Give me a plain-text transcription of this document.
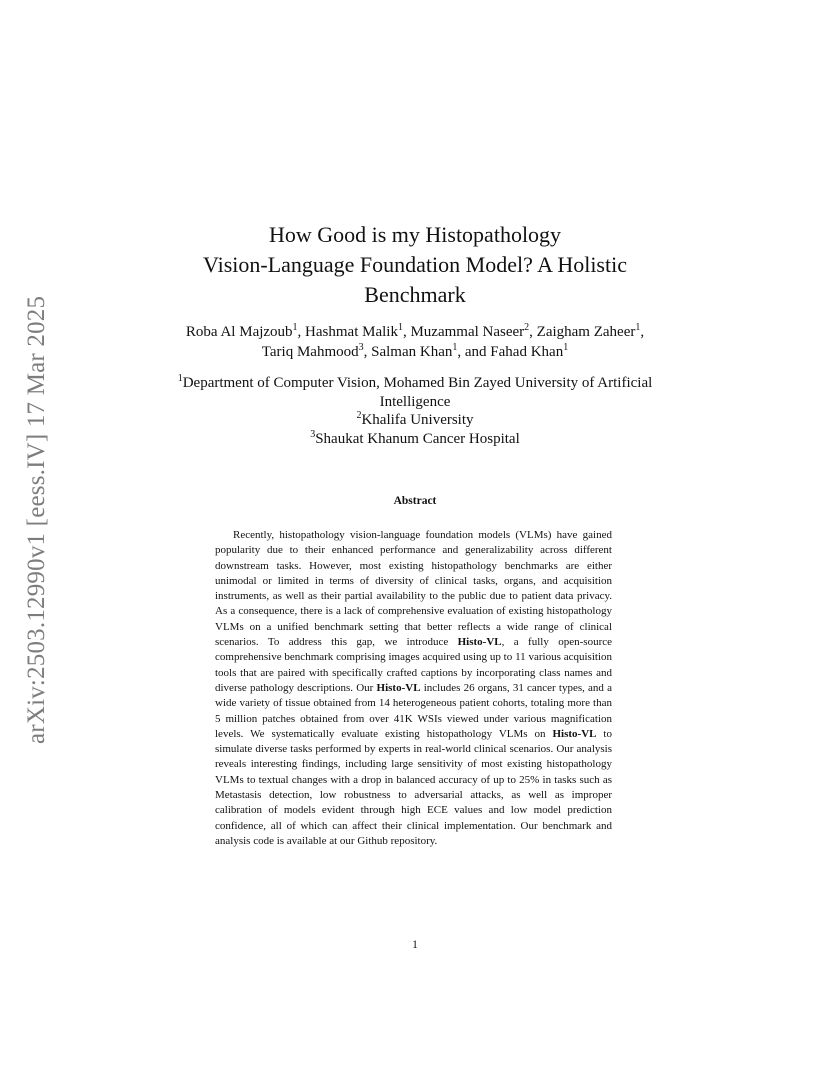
arXiv:2503.12990v1 [eess.IV] 17 Mar 2025
How Good is my Histopathology
Vision-Language Foundation Model? A Holistic
Benchmark
Roba Al Majzoub$^1$, Hashmat Malik$^1$, Muzammal Naseer$^2$, Zaigham Zaheer$^1$, Tariq Mahmood$^3$, Salman Khan$^1$, and Fahad Khan$^1$
$^1$Department of Computer Vision, Mohamed Bin Zayed University of Artificial Intelligence
$^2$Khalifa University
$^3$Shaukat Khanum Cancer Hospital
Abstract

Recently, histopathology vision-language foundation models (VLMs) have gained popularity due to their enhanced performance and generalizability across different downstream tasks. However, most existing histopathology benchmarks are either unimodal or limited in terms of diversity of clinical tasks, organs, and acquisition instruments, as well as their partial availability to the public due to patient data privacy. As a consequence, there is a lack of comprehensive evaluation of existing histopathology VLMs on a unified benchmark setting that better reflects a wide range of clinical scenarios. To address this gap, we introduce Histo-VL, a fully open-source comprehensive benchmark comprising images acquired using up to 11 various acquisition tools that are paired with specifically crafted captions by incorporating class names and diverse pathology descriptions. Our Histo-VL includes 26 organs, 31 cancer types, and a wide variety of tissue obtained from 14 heterogeneous patient cohorts, totaling more than 5 million patches obtained from over 41K WSIs viewed under various magnification levels. We systematically evaluate existing histopathology VLMs on Histo-VL to simulate diverse tasks performed by experts in real-world clinical scenarios. Our analysis reveals interesting findings, including large sensitivity of most existing histopathology VLMs to textual changes with a drop in balanced accuracy of up to 25% in tasks such as Metastasis detection, low robustness to adversarial attacks, as well as improper calibration of models evident through high ECE values and low model prediction confidence, all of which can affect their clinical implementation. Our benchmark and analysis code is available at our Github repository.

1
